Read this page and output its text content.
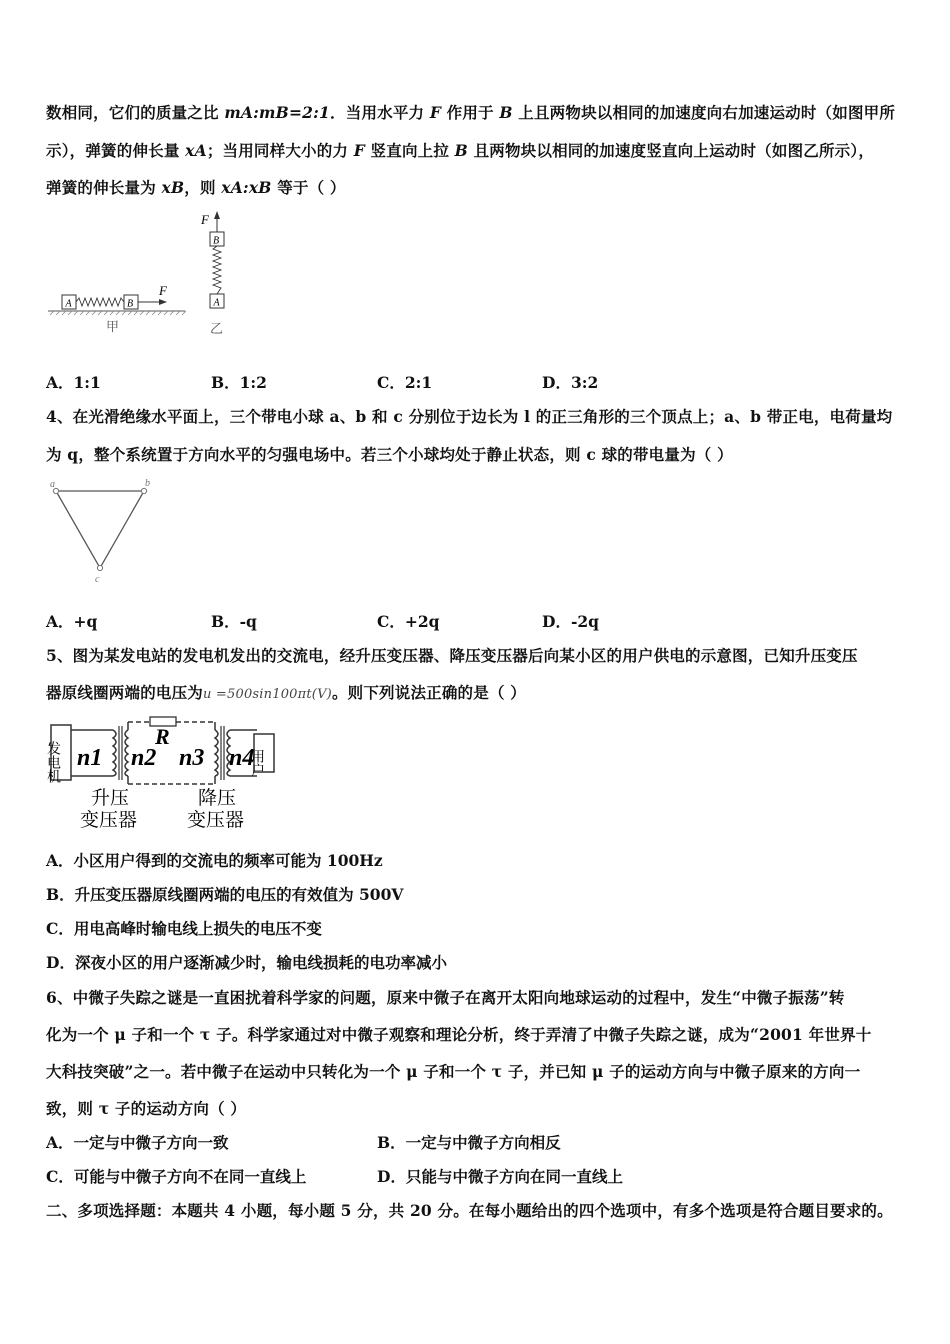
数相同，它们的质量之比 mA:mB=2:1．当用水平力 F 作用于 B 上且两物块以相同的加速度向右加速运动时（如图甲所
示），弹簧的伸长量 xA；当用同样大小的力 F 竖直向上拉 B 且两物块以相同的加速度竖直向上运动时（如图乙所示），
弹簧的伸长量为 xB，则 xA:xB 等于（ ）
A	B
F
甲
B
F
A
乙
A．1:1	B．1:2	C．2:1	D．3:2
4、在光滑绝缘水平面上，三个带电小球 a、b 和 c 分别位于边长为 l 的正三角形的三个顶点上；a、b 带正电，电荷量均
为 q，整个系统置于方向水平的匀强电场中。若三个小球均处于静止状态，则 c 球的带电量为（ ）
a	b
c
A．+q	B．-q	C．+2q	D．-2q
5、图为某发电站的发电机发出的交流电，经升压变压器、降压变压器后向某小区的用户供电的示意图，已知升压变压
器原线圈两端的电压为u =500sin100πt(V)。则下列说法正确的是（ ）
发电机 n1
R
n2 n3 n4
用户
升压
变压器
降压
变压器
A．小区用户得到的交流电的频率可能为 100Hz
B．升压变压器原线圈两端的电压的有效值为 500V
C．用电高峰时输电线上损失的电压不变
D．深夜小区的用户逐渐减少时，输电线损耗的电功率减小
6、中微子失踪之谜是一直困扰着科学家的问题，原来中微子在离开太阳向地球运动的过程中，发生“中微子振荡”转
化为一个 μ 子和一个 τ 子。科学家通过对中微子观察和理论分析，终于弄清了中微子失踪之谜，成为“2001 年世界十
大科技突破”之一。若中微子在运动中只转化为一个 μ 子和一个 τ 子，并已知 μ 子的运动方向与中微子原来的方向一
致，则 τ 子的运动方向（ ）
A．一定与中微子方向一致	B．一定与中微子方向相反
C．可能与中微子方向不在同一直线上	D．只能与中微子方向在同一直线上
二、多项选择题：本题共 4 小题，每小题 5 分，共 20 分。在每小题给出的四个选项中，有多个选项是符合题目要求的。
